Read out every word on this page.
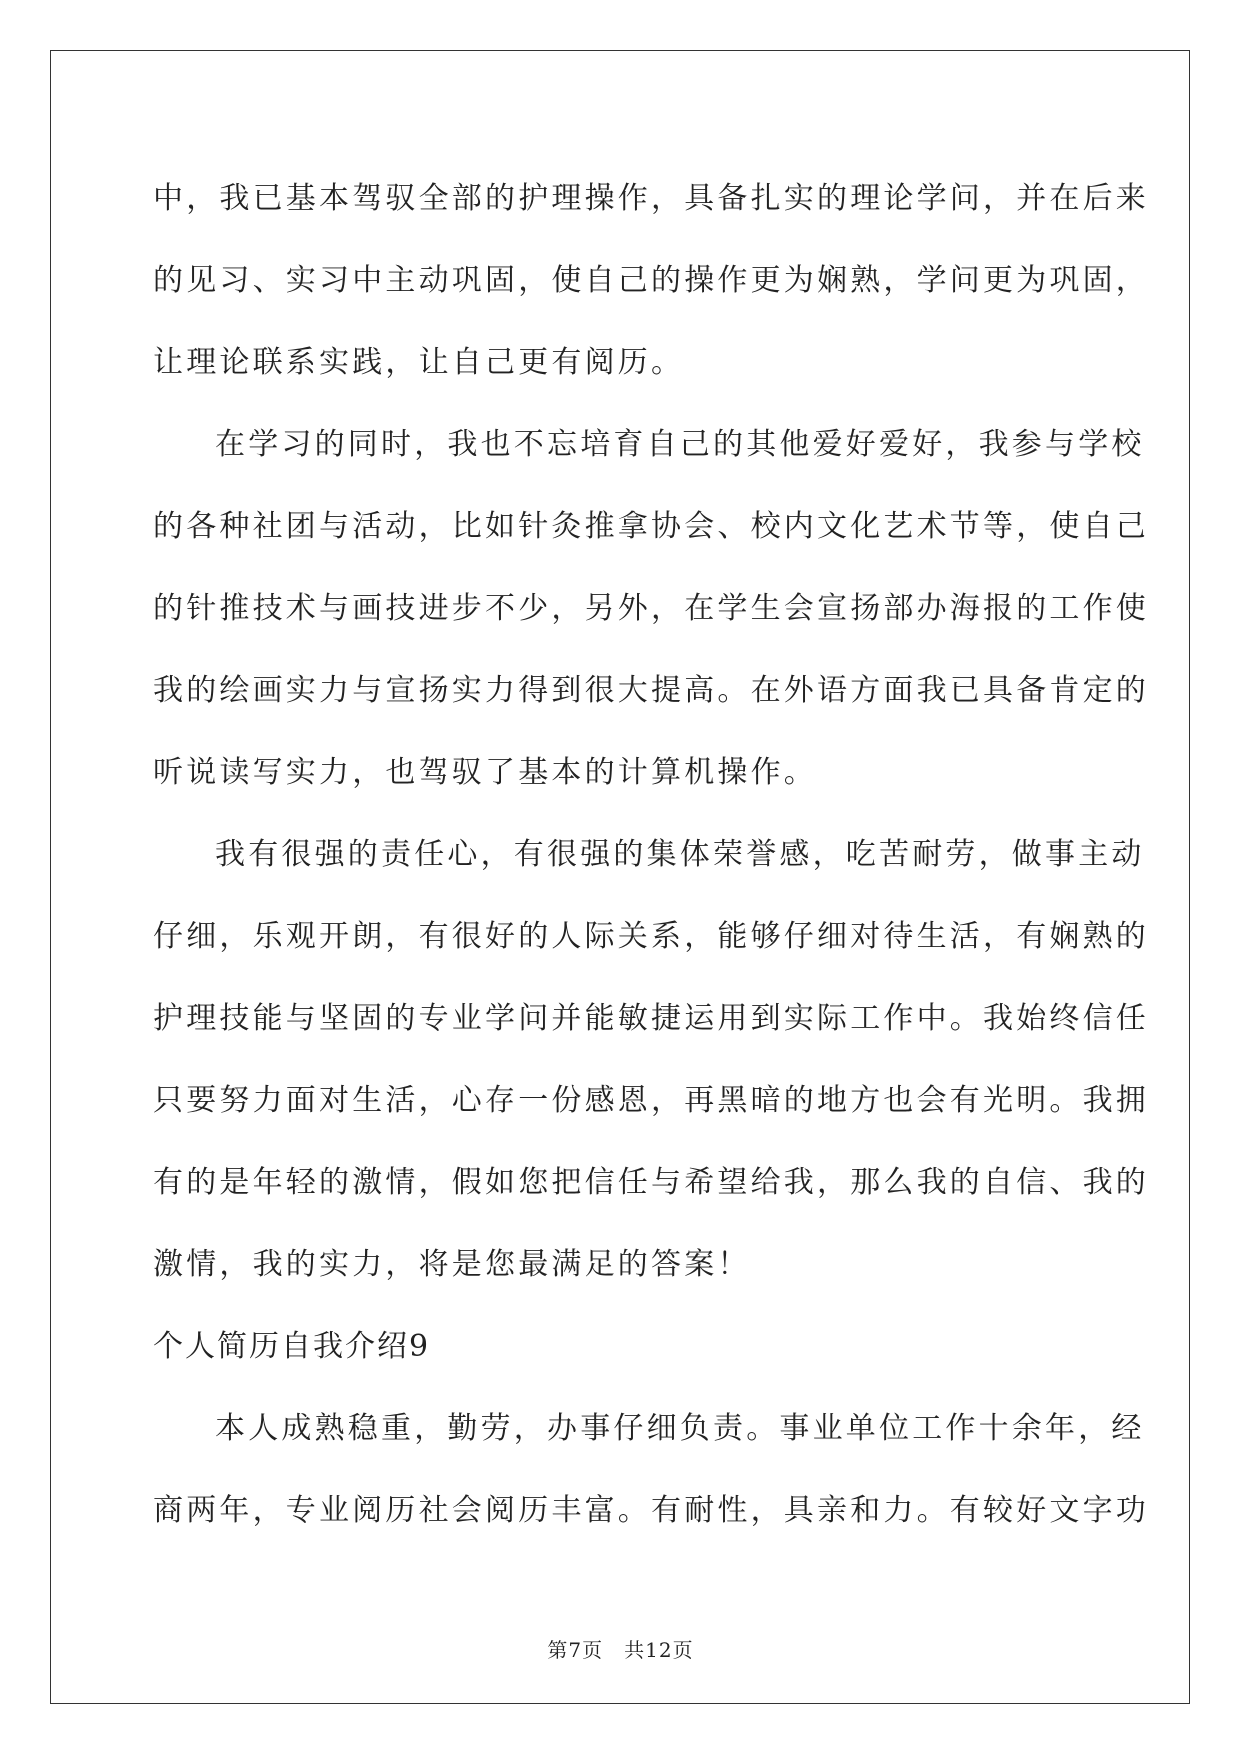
中，我已基本驾驭全部的护理操作，具备扎实的理论学问，并在后来
的见习、实习中主动巩固，使自己的操作更为娴熟，学问更为巩固，
让理论联系实践，让自己更有阅历。
在学习的同时，我也不忘培育自己的其他爱好爱好，我参与学校
的各种社团与活动，比如针灸推拿协会、校内文化艺术节等，使自己
的针推技术与画技进步不少，另外，在学生会宣扬部办海报的工作使
我的绘画实力与宣扬实力得到很大提高。在外语方面我已具备肯定的
听说读写实力，也驾驭了基本的计算机操作。
我有很强的责任心，有很强的集体荣誉感，吃苦耐劳，做事主动
仔细，乐观开朗，有很好的人际关系，能够仔细对待生活，有娴熟的
护理技能与坚固的专业学问并能敏捷运用到实际工作中。我始终信任
只要努力面对生活，心存一份感恩，再黑暗的地方也会有光明。我拥
有的是年轻的激情，假如您把信任与希望给我，那么我的自信、我的
激情，我的实力，将是您最满足的答案！
个人简历自我介绍9
本人成熟稳重，勤劳，办事仔细负责。事业单位工作十余年，经
商两年，专业阅历社会阅历丰富。有耐性，具亲和力。有较好文字功
第7页　共12页
